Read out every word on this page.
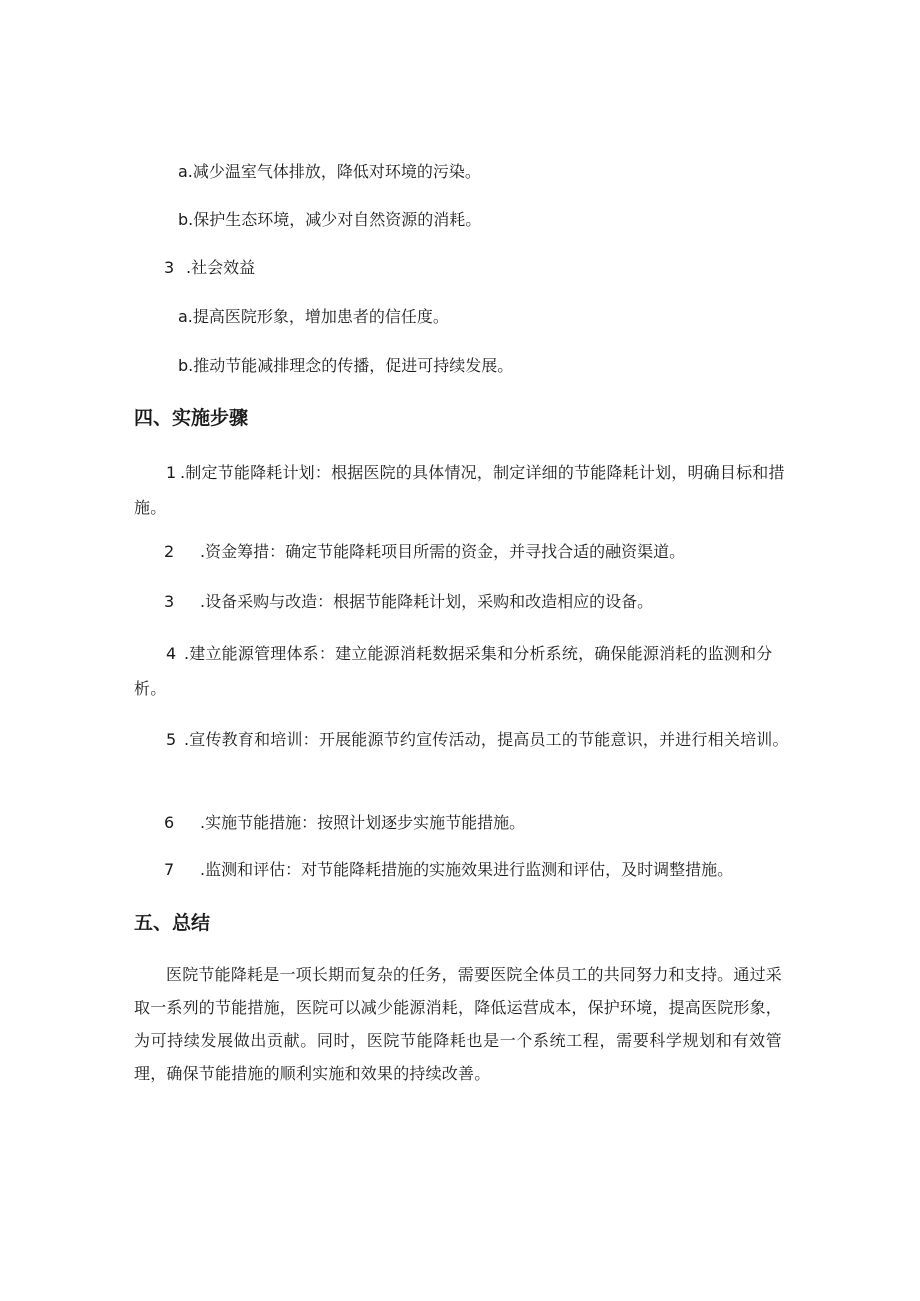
a.减少温室气体排放，降低对环境的污染。
b.保护生态环境，减少对自然资源的消耗。
3 .社会效益
a.提高医院形象，增加患者的信任度。
b.推动节能减排理念的传播，促进可持续发展。
四、实施步骤
1 .制定节能降耗计划：根据医院的具体情况，制定详细的节能降耗计划，明确目标和措施。
2 .资金筹措：确定节能降耗项目所需的资金，并寻找合适的融资渠道。
3 .设备采购与改造：根据节能降耗计划，采购和改造相应的设备。
4 .建立能源管理体系：建立能源消耗数据采集和分析系统，确保能源消耗的监测和分析。
5 .宣传教育和培训：开展能源节约宣传活动，提高员工的节能意识，并进行相关培训。
6 .实施节能措施：按照计划逐步实施节能措施。
7 .监测和评估：对节能降耗措施的实施效果进行监测和评估，及时调整措施。
五、总结
医院节能降耗是一项长期而复杂的任务，需要医院全体员工的共同努力和支持。通过采取一系列的节能措施，医院可以减少能源消耗，降低运营成本，保护环境，提高医院形象，为可持续发展做出贡献。同时，医院节能降耗也是一个系统工程，需要科学规划和有效管理，确保节能措施的顺利实施和效果的持续改善。
